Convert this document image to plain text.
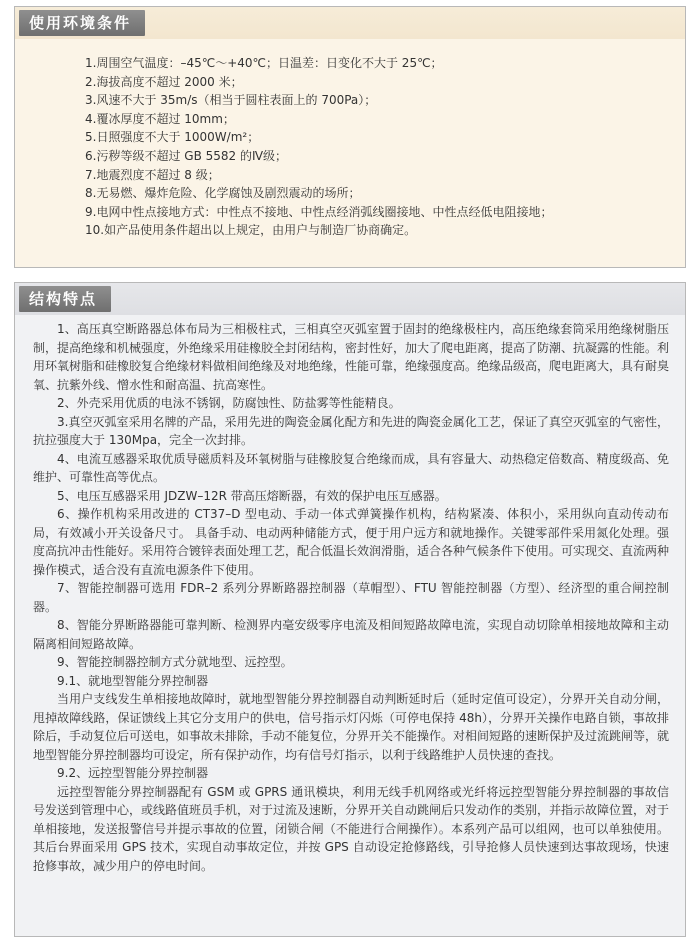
使用环境条件
1.周围空气温度：–45℃～+40℃；日温差：日变化不大于 25℃；
2.海拔高度不超过 2000 米；
3.风速不大于 35m/s（相当于圆柱表面上的 700Pa）；
4.覆冰厚度不超过 10mm；
5.日照强度不大于 1000W/m²；
6.污秽等级不超过 GB 5582 的Ⅳ级；
7.地震烈度不超过 8 级；
8.无易燃、爆炸危险、化学腐蚀及剧烈震动的场所；
9.电网中性点接地方式：中性点不接地、中性点经消弧线圈接地、中性点经低电阻接地；
10.如产品使用条件超出以上规定，由用户与制造厂协商确定。
结构特点

1、高压真空断路器总体布局为三相极柱式，三相真空灭弧室置于固封的绝缘极柱内，高压绝缘套筒采用绝缘树脂压制，提高绝缘和机械强度，外绝缘采用硅橡胶全封闭结构，密封性好，加大了爬电距离，提高了防潮、抗凝露的性能。利用环氧树脂和硅橡胶复合绝缘材料做相间绝缘及对地绝缘，性能可靠，绝缘强度高。绝缘品级高，爬电距离大，具有耐臭氧、抗紫外线、憎水性和耐高温、抗高寒性。

2、外壳采用优质的电泳不锈钢，防腐蚀性、防盐雾等性能精良。

3.真空灭弧室采用名牌的产品，采用先进的陶瓷金属化配方和先进的陶瓷金属化工艺，保证了真空灭弧室的气密性，抗拉强度大于 130Mpa，完全一次封排。

4、电流互感器采取优质导磁质料及环氧树脂与硅橡胶复合绝缘而成，具有容量大、动热稳定倍数高、精度级高、免维护、可靠性高等优点。

5、电压互感器采用 JDZW–12R 带高压熔断器，有效的保护电压互感器。

6、操作机构采用改进的 CT37–D 型电动、手动一体式弹簧操作机构，结构紧凑、体积小，采用纵向直动传动布局，有效减小开关设备尺寸。 具备手动、电动两种储能方式，便于用户远方和就地操作。关键零部件采用氮化处理。强度高抗冲击性能好。采用符合镀锌表面处理工艺，配合低温长效润滑脂，适合各种气候条件下使用。可实现交、直流两种操作模式，适合没有直流电源条件下使用。

7、智能控制器可选用 FDR–2 系列分界断路器控制器（草帽型）、FTU 智能控制器（方型）、经济型的重合闸控制器。

8、智能分界断路器能可靠判断、检测界内毫安级零序电流及相间短路故障电流，实现自动切除单相接地故障和主动隔离相间短路故障。

9、智能控制器控制方式分就地型、远控型。

9.1、就地型智能分界控制器

当用户支线发生单相接地故障时，就地型智能分界控制器自动判断延时后（延时定值可设定），分界开关自动分闸，甩掉故障线路，保证馈线上其它分支用户的供电，信号指示灯闪烁（可停电保持 48h），分界开关操作电路自锁，事故排除后，手动复位后可送电，如事故未排除，手动不能复位，分界开关不能操作。对相间短路的速断保护及过流跳闸等，就地型智能分界控制器均可设定，所有保护动作，均有信号灯指示，以利于线路维护人员快速的查找。

9.2、远控型智能分界控制器

远控型智能分界控制器配有 GSM 或 GPRS 通讯模块，利用无线手机网络或光纤将远控型智能分界控制器的事故信号发送到管理中心，或线路值班员手机，对于过流及速断，分界开关自动跳闸后只发动作的类别，并指示故障位置，对于单相接地，发送报警信号并提示事故的位置，闭锁合闸（不能进行合闸操作）。本系列产品可以组网，也可以单独使用。其后台界面采用 GPS 技术，实现自动事故定位，并按 GPS 自动设定抢修路线，引导抢修人员快速到达事故现场，快速抢修事故，减少用户的停电时间。
